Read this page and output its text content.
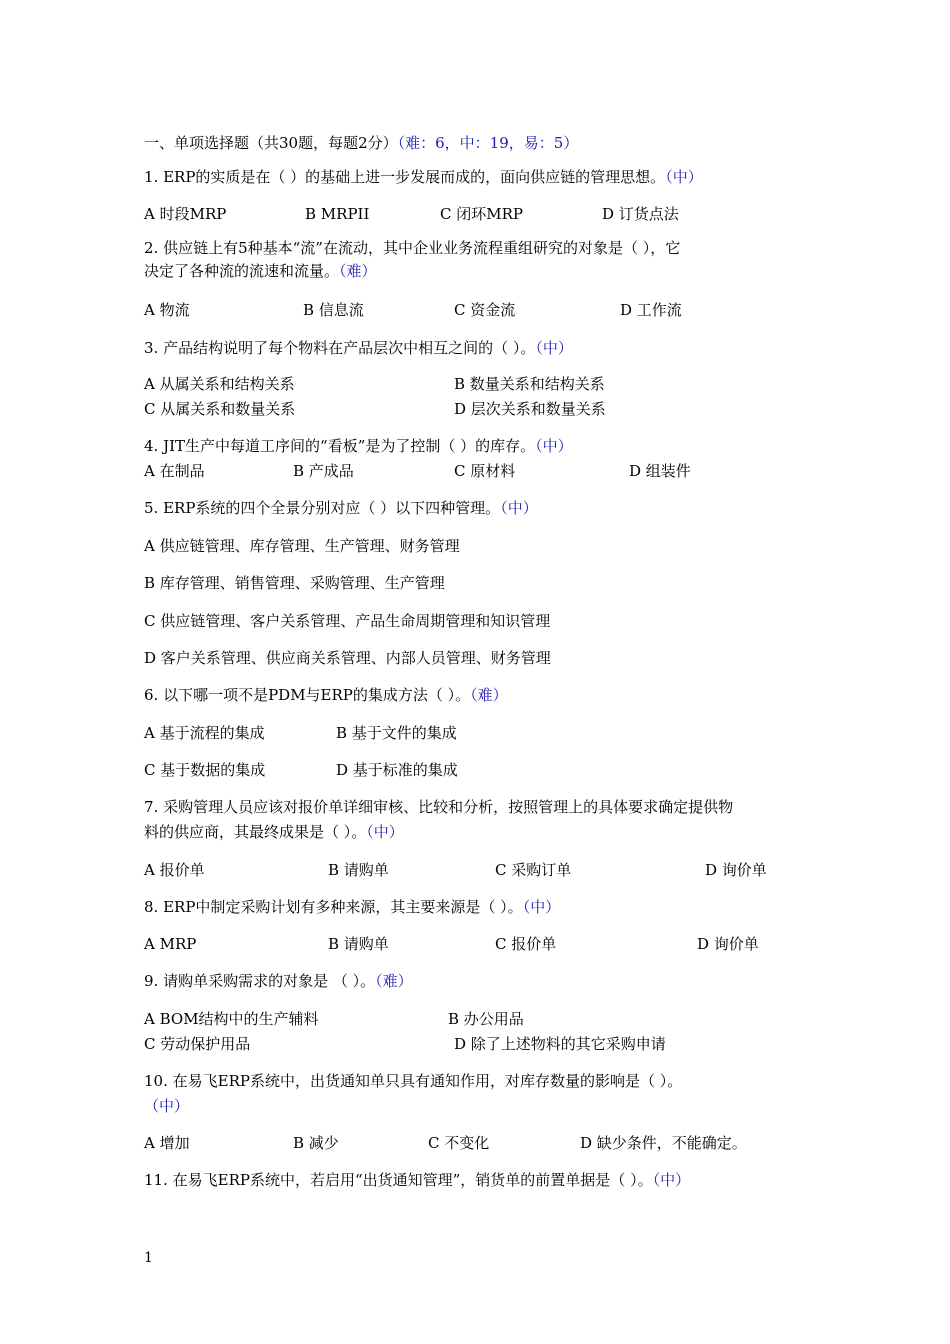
一、单项选择题（共30题，每题2分）（难：6，中：19，易：5）
1. ERP的实质是在（ ）的基础上进一步发展而成的，面向供应链的管理思想。（中）
A 时段MRP	B MRPII	C 闭环MRP	D 订货点法
2. 供应链上有5种基本“流”在流动，其中企业业务流程重组研究的对象是（ ），它
决定了各种流的流速和流量。（难）
A 物流	B 信息流	C 资金流	D 工作流
3. 产品结构说明了每个物料在产品层次中相互之间的（ ）。（中）
A 从属关系和结构关系	B 数量关系和结构关系
C 从属关系和数量关系	D 层次关系和数量关系
4. JIT生产中每道工序间的“看板”是为了控制（ ）的库存。（中）
A 在制品	B 产成品	C 原材料	D 组装件
5. ERP系统的四个全景分别对应（ ）以下四种管理。（中）
A 供应链管理、库存管理、生产管理、财务管理
B 库存管理、销售管理、采购管理、生产管理
C 供应链管理、客户关系管理、产品生命周期管理和知识管理
D 客户关系管理、供应商关系管理、内部人员管理、财务管理
6. 以下哪一项不是PDM与ERP的集成方法（ ）。（难）
A 基于流程的集成	B 基于文件的集成
C 基于数据的集成	D 基于标准的集成
7. 采购管理人员应该对报价单详细审核、比较和分析，按照管理上的具体要求确定提供物
料的供应商，其最终成果是（ ）。（中）
A 报价单	B 请购单	C 采购订单	D 询价单
8. ERP中制定采购计划有多种来源，其主要来源是（ ）。（中）
A MRP	B 请购单	C 报价单	D 询价单
9. 请购单采购需求的对象是 （ ）。（难）
A BOM结构中的生产辅料	B 办公用品
C 劳动保护用品	D 除了上述物料的其它采购申请
10. 在易飞ERP系统中，出货通知单只具有通知作用，对库存数量的影响是（ ）。
（中）
A 增加	B 减少	C 不变化	D 缺少条件，不能确定。
11. 在易飞ERP系统中，若启用“出货通知管理”，销货单的前置单据是（ ）。（中）
1
